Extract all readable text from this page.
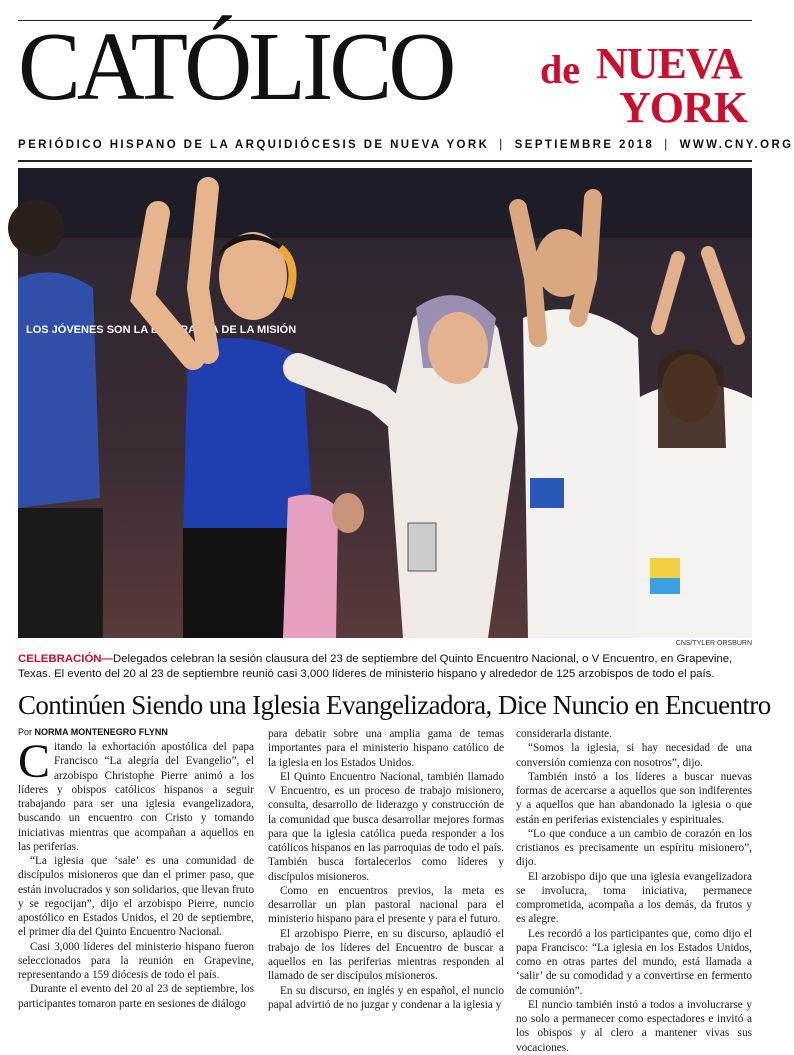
CATÓLICO de NUEVA
YORK
PERIÓDICO HISPANO DE LA ARQUIDIÓCESIS DE NUEVA YORK | SEPTIEMBRE 2018 | WWW.CNY.ORG
LOS JÓVENES SON LA ESPERANZA DE LA MISIÓN
CNS/TYLER ORSBURN
CELEBRACIÓN—Delegados celebran la sesión clausura del 23 de septiembre del Quinto Encuentro Nacional, o V Encuentro, en Grapevine, Texas. El evento del 20 al 23 de septiembre reunió casi 3,000 líderes de ministerio hispano y alrededor de 125 arzobispos de todo el país.
Continúen Siendo una Iglesia Evangelizadora, Dice Nuncio en Encuentro
Por NORMA MONTENEGRO FLYNN

Citando la exhortación apostólica del papa Francisco “La alegría del Evangelio”, el arzobispo Christophe Pierre animó a los líderes y obispos católicos hispanos a seguir trabajando para ser una iglesia evangelizadora, buscando un encuentro con Cristo y tomando iniciativas mientras que acompañan a aquellos en las periferias.

“La iglesia que ‘sale’ es una comunidad de discípulos misioneros que dan el primer paso, que están involucrados y son solidarios, que llevan fruto y se regocijan”, dijo el arzobispo Pierre, nuncio apostólico en Estados Unidos, el 20 de septiembre, el primer día del Quinto Encuentro Nacional.

Casi 3,000 líderes del ministerio hispano fueron seleccionados para la reunión en Grapevine, representando a 159 diócesis de todo el país.

Durante el evento del 20 al 23 de septiembre, los participantes tomaron parte en sesiones de diálogo

para debatir sobre una amplia gama de temas importantes para el ministerio hispano católico de la iglesia en los Estados Unidos.

El Quinto Encuentro Nacional, también llamado V Encuentro, es un proceso de trabajo misionero, consulta, desarrollo de liderazgo y construcción de la comunidad que busca desarrollar mejores formas para que la iglesia católica pueda responder a los católicos hispanos en las parroquias de todo el país. También busca fortalecerlos como líderes y discípulos misioneros.

Como en encuentros previos, la meta es desarrollar un plan pastoral nacional para el ministerio hispano para el presente y para el futuro.

El arzobispo Pierre, en su discurso, aplaudió el trabajo de los líderes del Encuentro de buscar a aquellos en las periferias mientras responden al llamado de ser discípulos misioneros.

En su discurso, en inglés y en español, el nuncio papal advirtió de no juzgar y condenar a la iglesia y

considerarla distante.

“Somos la iglesia, si hay necesidad de una conversión comienza con nosotros”, dijo.

También instó a los líderes a buscar nuevas formas de acercarse a aquellos que son indiferentes y a aquellos que han abandonado la iglesia o que están en periferias existenciales y espirituales.

“Lo que conduce a un cambio de corazón en los cristianos es precisamente un espíritu misionero”, dijo.

El arzobispo dijo que una iglesia evangelizadora se involucra, toma iniciativa, permanece comprometida, acompaña a los demás, da frutos y es alegre.

Les recordó a los participantes que, como dijo el papa Francisco: “La iglesia en los Estados Unidos, como en otras partes del mundo, está llamada a ‘salir’ de su comodidad y a convertirse en fermento de comunión”.

El nuncio también instó a todos a involucrarse y no solo a permanecer como espectadores e invitó a los obispos y al clero a mantener vivas sus vocaciones.
